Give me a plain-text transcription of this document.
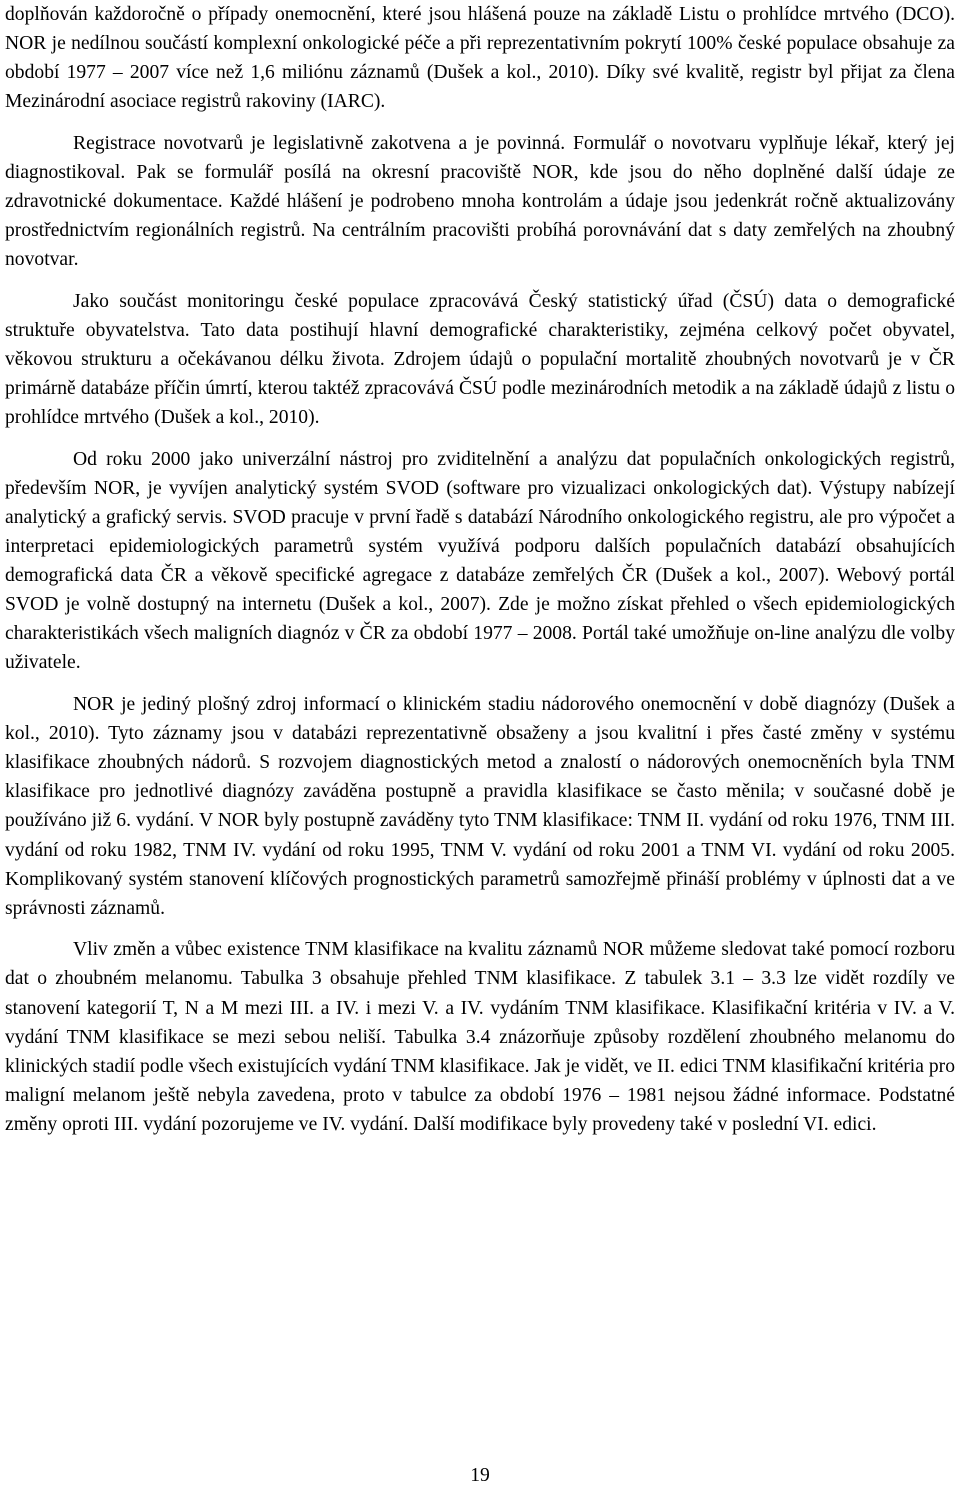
doplňován každoročně o případy onemocnění, které jsou hlášená pouze na základě Listu o prohlídce mrtvého (DCO). NOR je nedílnou součástí komplexní onkologické péče a při reprezentativním pokrytí 100% české populace obsahuje za období 1977 – 2007 více než 1,6 miliónu záznamů (Dušek a kol., 2010). Díky své kvalitě, registr byl přijat za člena Mezinárodní asociace registrů rakoviny (IARC).

Registrace novotvarů je legislativně zakotvena a je povinná. Formulář o novotvaru vyplňuje lékař, který jej diagnostikoval. Pak se formulář posílá na okresní pracoviště NOR, kde jsou do něho doplněné další údaje ze zdravotnické dokumentace. Každé hlášení je podrobeno mnoha kontrolám a údaje jsou jedenkrát ročně aktualizovány prostřednictvím regionálních registrů. Na centrálním pracovišti probíhá porovnávání dat s daty zemřelých na zhoubný novotvar.

Jako součást monitoringu české populace zpracovává Český statistický úřad (ČSÚ) data o demografické struktuře obyvatelstva. Tato data postihují hlavní demografické charakteristiky, zejména celkový počet obyvatel, věkovou strukturu a očekávanou délku života. Zdrojem údajů o populační mortalitě zhoubných novotvarů je v ČR primárně databáze příčin úmrtí, kterou taktéž zpracovává ČSÚ podle mezinárodních metodik a na základě údajů z listu o prohlídce mrtvého (Dušek a kol., 2010).

Od roku 2000 jako univerzální nástroj pro zviditelnění a analýzu dat populačních onkologických registrů, především NOR, je vyvíjen analytický systém SVOD (software pro vizualizaci onkologických dat). Výstupy nabízejí analytický a grafický servis. SVOD pracuje v první řadě s databází Národního onkologického registru, ale pro výpočet a interpretaci epidemiologických parametrů systém využívá podporu dalších populačních databází obsahujících demografická data ČR a věkově specifické agregace z databáze zemřelých ČR (Dušek a kol., 2007). Webový portál SVOD je volně dostupný na internetu (Dušek a kol., 2007). Zde je možno získat přehled o všech epidemiologických charakteristikách všech maligních diagnóz v ČR za období 1977 – 2008. Portál také umožňuje on-line analýzu dle volby uživatele.

NOR je jediný plošný zdroj informací o klinickém stadiu nádorového onemocnění v době diagnózy (Dušek a kol., 2010). Tyto záznamy jsou v databázi reprezentativně obsaženy a jsou kvalitní i přes časté změny v systému klasifikace zhoubných nádorů. S rozvojem diagnostických metod a znalostí o nádorových onemocněních byla TNM klasifikace pro jednotlivé diagnózy zaváděna postupně a pravidla klasifikace se často měnila; v současné době je používáno již 6. vydání. V NOR byly postupně zaváděny tyto TNM klasifikace: TNM II. vydání od roku 1976, TNM III. vydání od roku 1982, TNM IV. vydání od roku 1995, TNM V. vydání od roku 2001 a TNM VI. vydání od roku 2005. Komplikovaný systém stanovení klíčových prognostických parametrů samozřejmě přináší problémy v úplnosti dat a ve správnosti záznamů.

Vliv změn a vůbec existence TNM klasifikace na kvalitu záznamů NOR můžeme sledovat také pomocí rozboru dat o zhoubném melanomu. Tabulka 3 obsahuje přehled TNM klasifikace. Z tabulek 3.1 – 3.3 lze vidět rozdíly ve stanovení kategorií T, N a M mezi III. a IV. i mezi V. a IV. vydáním TNM klasifikace. Klasifikační kritéria v IV. a V. vydání TNM klasifikace se mezi sebou neliší. Tabulka 3.4 znázorňuje způsoby rozdělení zhoubného melanomu do klinických stadií podle všech existujících vydání TNM klasifikace. Jak je vidět, ve II. edici TNM klasifikační kritéria pro maligní melanom ještě nebyla zavedena, proto v tabulce za období 1976 – 1981 nejsou žádné informace. Podstatné změny oproti III. vydání pozorujeme ve IV. vydání. Další modifikace byly provedeny také v poslední VI. edici.

19
